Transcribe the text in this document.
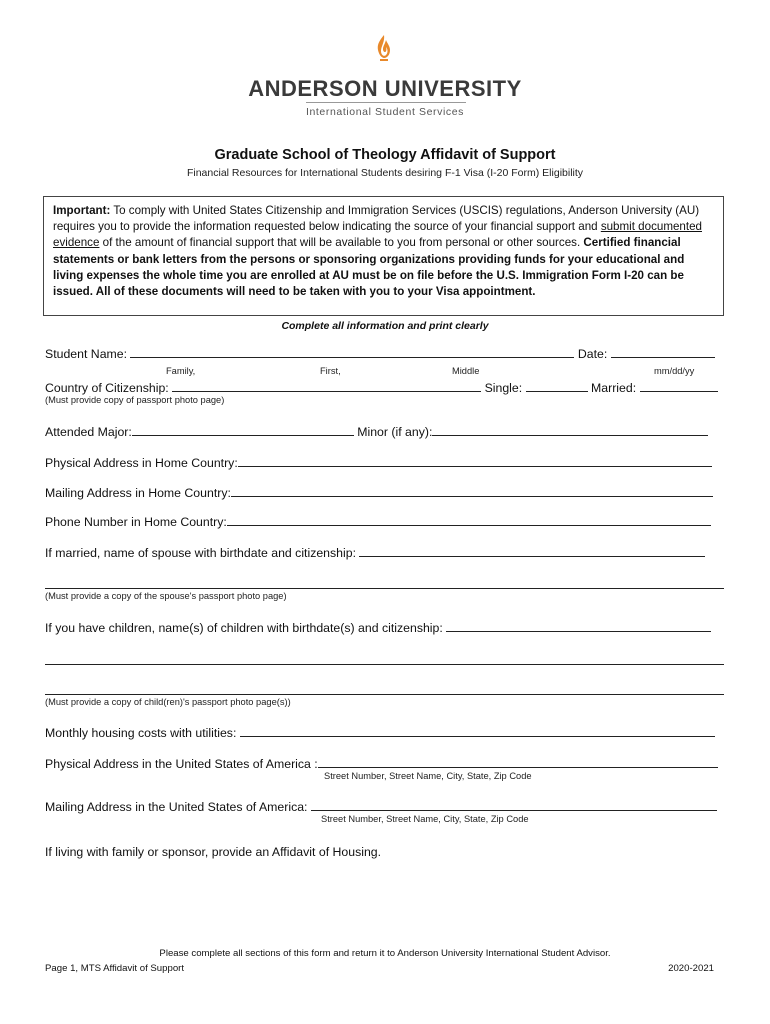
ANDERSON UNIVERSITY
International Student Services
Graduate School of Theology Affidavit of Support
Financial Resources for International Students desiring F-1 Visa (I-20 Form) Eligibility
Important: To comply with United States Citizenship and Immigration Services (USCIS) regulations, Anderson University (AU) requires you to provide the information requested below indicating the source of your financial support and submit documented evidence of the amount of financial support that will be available to you from personal or other sources. Certified financial statements or bank letters from the persons or sponsoring organizations providing funds for your educational and living expenses the whole time you are enrolled at AU must be on file before the U.S. Immigration Form I-20 can be issued. All of these documents will need to be taken with you to your Visa appointment.
Complete all information and print clearly
Student Name:	Date:
Family,	First,	Middle	mm/dd/yy
Country of Citizenship:	Single:	Married:
(Must provide copy of passport photo page)
Attended Major:	Minor (if any):
Physical Address in Home Country:
Mailing Address in Home Country:
Phone Number in Home Country:
If married, name of spouse with birthdate and citizenship:
(Must provide a copy of the spouse's passport photo page)
If you have children, name(s) of children with birthdate(s) and citizenship:
(Must provide a copy of child(ren)'s passport photo page(s))
Monthly housing costs with utilities:
Physical Address in the United States of America :
Street Number, Street Name, City, State, Zip Code
Mailing Address in the United States of America:
Street Number, Street Name, City, State, Zip Code
If living with family or sponsor, provide an Affidavit of Housing.
Please complete all sections of this form and return it to Anderson University International Student Advisor.
Page 1, MTS Affidavit of Support	2020-2021
